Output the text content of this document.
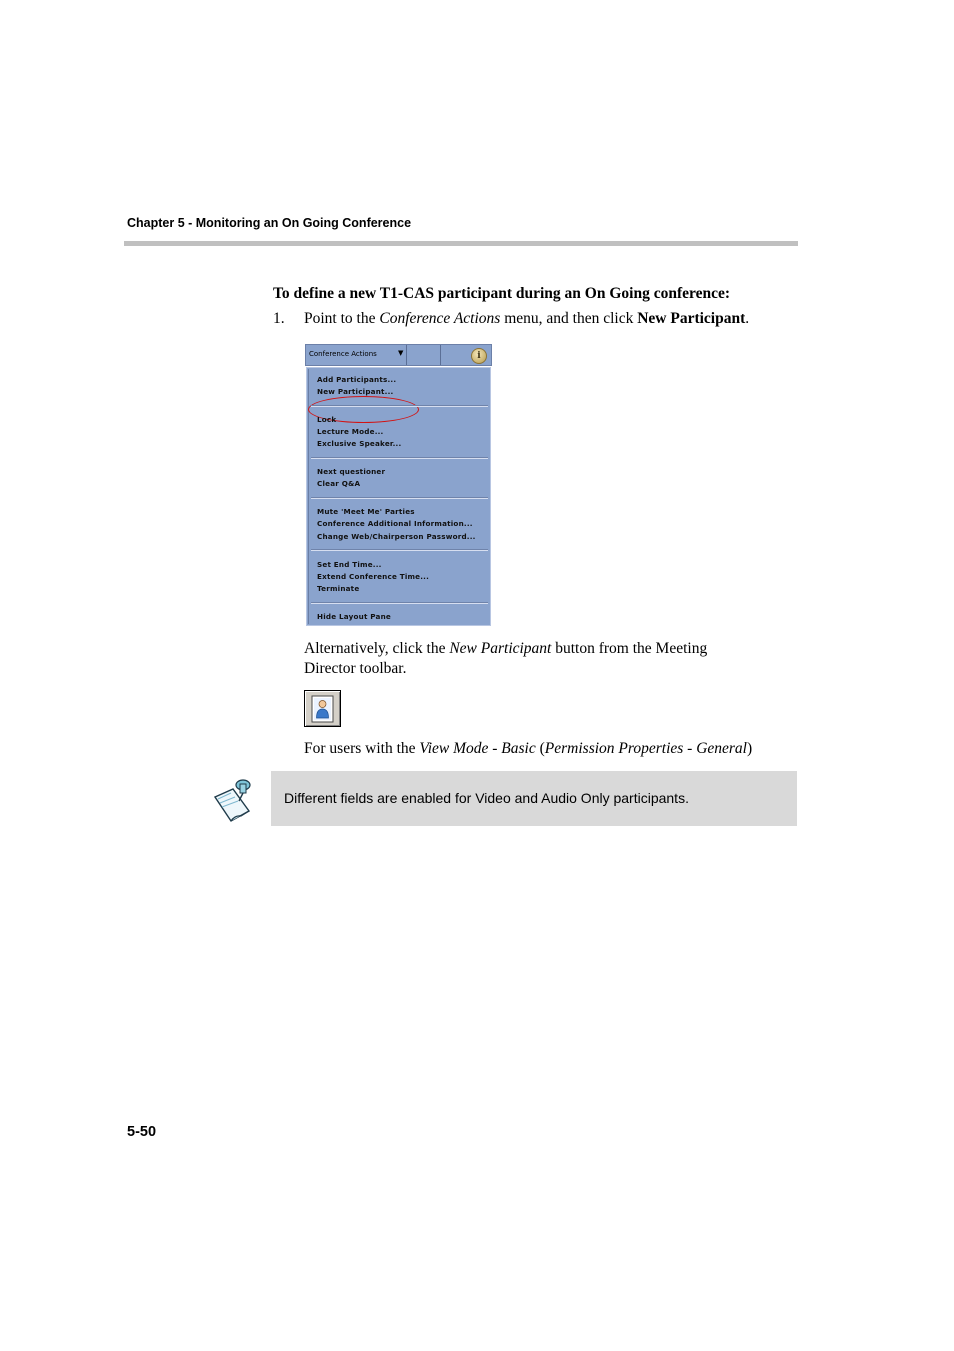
Chapter 5 - Monitoring an On Going Conference
To define a new T1-CAS participant during an On Going conference:
1. Point to the Conference Actions menu, and then click New Participant.
Conference Actions	▼	i
Add Participants...
New Participant...
Lock
Lecture Mode...
Exclusive Speaker...
Next questioner
Clear Q&A
Mute 'Meet Me' Parties
Conference Additional Information...
Change Web/Chairperson Password...
Set End Time...
Extend Conference Time...
Terminate
Hide Layout Pane
Alternatively, click the New Participant button from the Meeting Director toolbar.
For users with the View Mode - Basic (Permission Properties - General)
Different fields are enabled for Video and Audio Only participants.
5-50
